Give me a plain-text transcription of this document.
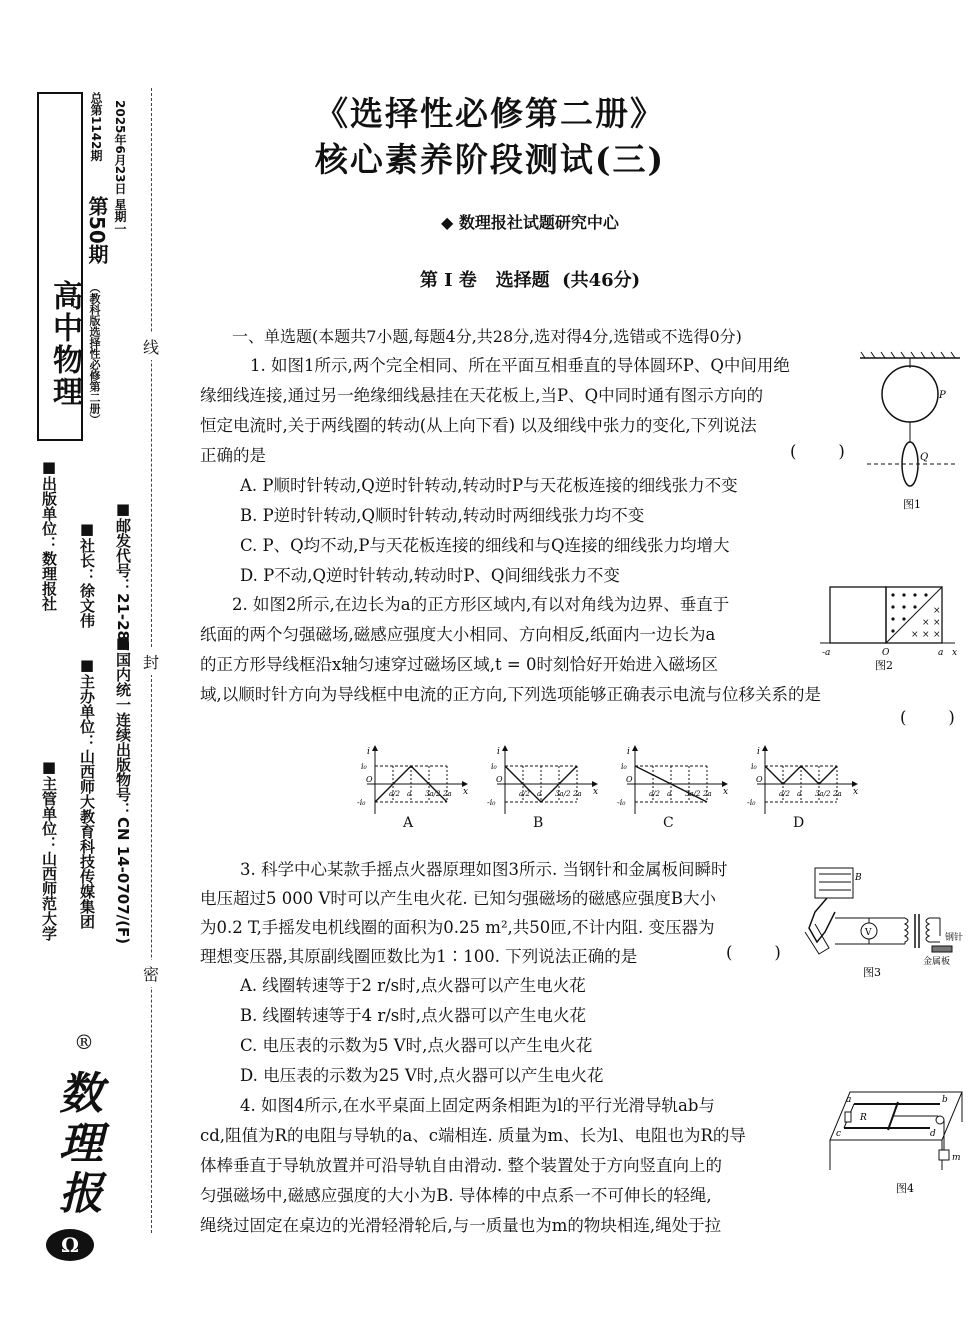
高中物理 （教科版选择性必修第二册）
第50期
总第1142期 2025年6月23日 星期一
■出版单位：数理报社 ■社长：徐文伟 ■邮发代号：21-287
■主管单位：山西师范大学 ■主办单位：山西师大教育科技传媒集团 ■国内统一连续出版物号：CN 14-0707/(F)
数理报
®
Ω
线
封
密
《选择性必修第二册》
核心素养阶段测试(三)
◆ 数理报社试题研究中心
第 Ⅰ 卷   选择题  (共46分)
一、单选题(本题共7小题,每题4分,共28分,选对得4分,选错或不选得0分)
1. 如图1所示,两个完全相同、所在平面互相垂直的导体圆环P、Q中间用绝
缘细线连接,通过另一绝缘细线悬挂在天花板上,当P、Q中同时通有图示方向的
恒定电流时,关于两线圈的转动(从上向下看) 以及细线中张力的变化,下列说法
正确的是	(        )
A. P顺时针转动,Q逆时针转动,转动时P与天花板连接的细线张力不变
B. P逆时针转动,Q顺时针转动,转动时两细线张力均不变
C. P、Q均不动,P与天花板连接的细线和与Q连接的细线张力均增大
D. P不动,Q逆时针转动,转动时P、Q间细线张力不变
P
Q
图1
2. 如图2所示,在边长为a的正方形区域内,有以对角线为边界、垂直于
纸面的两个匀强磁场,磁感应强度大小相同、方向相反,纸面内一边长为a
的正方形导线框沿x轴匀速穿过磁场区域,t = 0时刻恰好开始进入磁场区
域,以顺时针方向为导线框中电流的正方向,下列选项能够正确表示电流与位移关系的是
(        )
×
× ×
× × ×
-a	O	a x
图2
i
x
i₀
-i₀
O
a/2 a 3a/2 2a
i
x
i₀
-i₀
O
a/2 a 3a/2 2a
i
x
i₀
-i₀
O
a/2 a 3a/2 2a
i
x
i₀
-i₀
O
a/2 a 3a/2 2a
A	B	C	D
3. 科学中心某款手摇点火器原理如图3所示. 当钢针和金属板间瞬时
电压超过5 000 V时可以产生电火花. 已知匀强磁场的磁感应强度B大小
为0.2 T,手摇发电机线圈的面积为0.25 m²,共50匝,不计内阻. 变压器为
理想变压器,其原副线圈匝数比为1∶100. 下列说法正确的是	(        )
A. 线圈转速等于2 r/s时,点火器可以产生电火花
B. 线圈转速等于4 r/s时,点火器可以产生电火花
C. 电压表的示数为5 V时,点火器可以产生电火花
D. 电压表的示数为25 V时,点火器可以产生电火花
B
V	钢针
金属板
图3
4. 如图4所示,在水平桌面上固定两条相距为l的平行光滑导轨ab与
cd,阻值为R的电阻与导轨的a、c端相连. 质量为m、长为l、电阻也为R的导
体棒垂直于导轨放置并可沿导轨自由滑动. 整个装置处于方向竖直向上的
匀强磁场中,磁感应强度的大小为B. 导体棒的中点系一不可伸长的轻绳,
绳绕过固定在桌边的光滑轻滑轮后,与一质量也为m的物块相连,绳处于拉
a	b
c	d
R
m
图4
